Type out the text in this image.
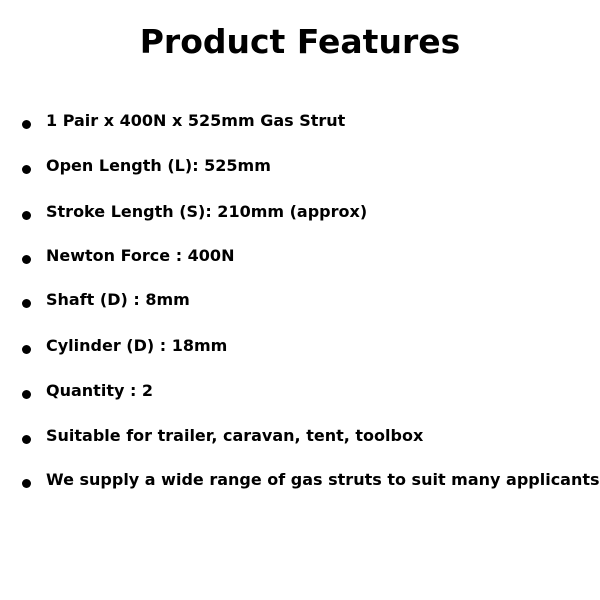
Product Features
1 Pair x 400N x 525mm Gas Strut
Open Length (L): 525mm
Stroke Length (S): 210mm (approx)
Newton Force : 400N
Shaft (D) : 8mm
Cylinder (D) : 18mm
Quantity : 2
Suitable for trailer, caravan, tent, toolbox
We supply a wide range of gas struts to suit many applicants
